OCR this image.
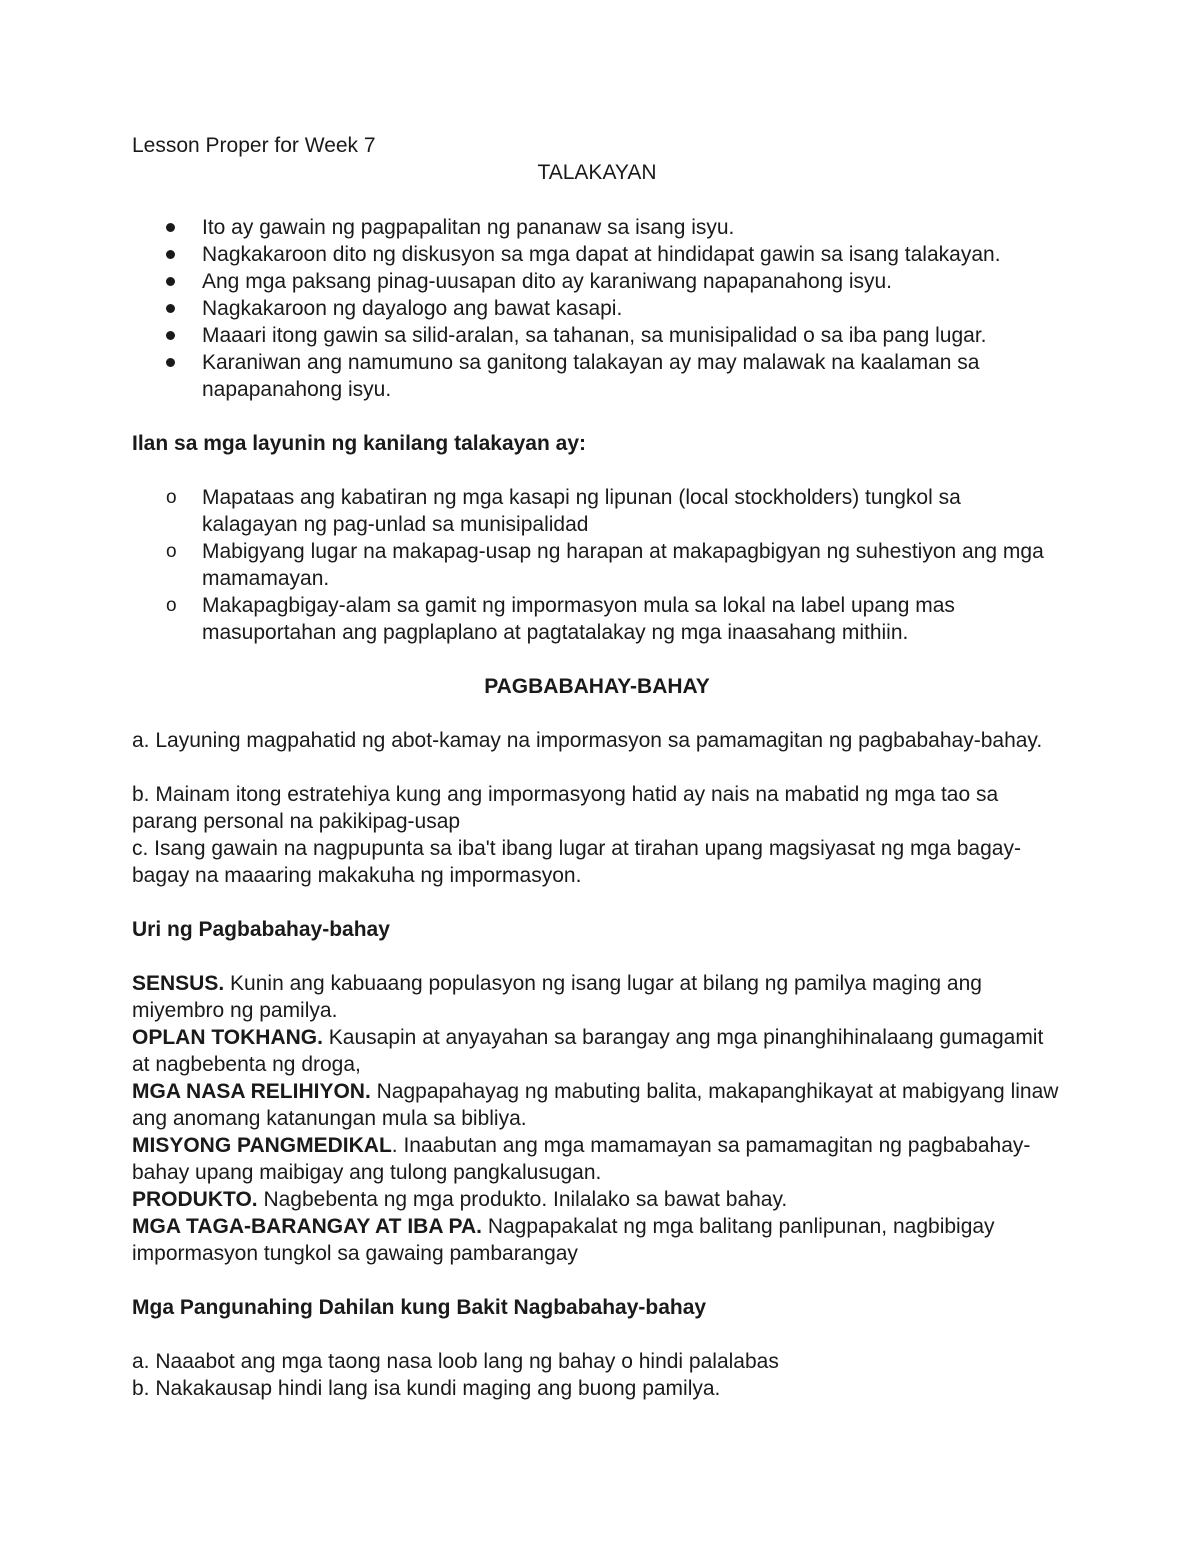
Lesson Proper for Week 7

TALAKAYAN

Ito ay gawain ng pagpapalitan ng pananaw sa isang isyu.
Nagkakaroon dito ng diskusyon sa mga dapat at hindidapat gawin sa isang talakayan.
Ang mga paksang pinag-uusapan dito ay karaniwang napapanahong isyu.
Nagkakaroon ng dayalogo ang bawat kasapi.
Maaari itong gawin sa silid-aralan, sa tahanan, sa munisipalidad o sa iba pang lugar.
Karaniwan ang namumuno sa ganitong talakayan ay may malawak na kaalaman sa napapanahong isyu.

Ilan sa mga layunin ng kanilang talakayan ay:

o Mapataas ang kabatiran ng mga kasapi ng lipunan (local stockholders) tungkol sa kalagayan ng pag-unlad sa munisipalidad
o Mabigyang lugar na makapag-usap ng harapan at makapagbigyan ng suhestiyon ang mga mamamayan.
o Makapagbigay-alam sa gamit ng impormasyon mula sa lokal na label upang mas masuportahan ang pagplaplano at pagtatalakay ng mga inaasahang mithiin.

PAGBABAHAY-BAHAY

a. Layuning magpahatid ng abot-kamay na impormasyon sa pamamagitan ng pagbabahay-bahay.

b. Mainam itong estratehiya kung ang impormasyong hatid ay nais na mabatid ng mga tao sa parang personal na pakikipag-usap

c. Isang gawain na nagpupunta sa iba't ibang lugar at tirahan upang magsiyasat ng mga bagay-bagay na maaaring makakuha ng impormasyon.

Uri ng Pagbabahay-bahay

SENSUS. Kunin ang kabuaang populasyon ng isang lugar at bilang ng pamilya maging ang miyembro ng pamilya.

OPLAN TOKHANG. Kausapin at anyayahan sa barangay ang mga pinanghihinalaang gumagamit at nagbebenta ng droga,

MGA NASA RELIHIYON. Nagpapahayag ng mabuting balita, makapanghikayat at mabigyang linaw ang anomang katanungan mula sa bibliya.

MISYONG PANGMEDIKAL. Inaabutan ang mga mamamayan sa pamamagitan ng pagbabahay- bahay upang maibigay ang tulong pangkalusugan.

PRODUKTO. Nagbebenta ng mga produkto. Inilalako sa bawat bahay.

MGA TAGA-BARANGAY AT IBA PA. Nagpapakalat ng mga balitang panlipunan, nagbibigay impormasyon tungkol sa gawaing pambarangay

Mga Pangunahing Dahilan kung Bakit Nagbabahay-bahay

a. Naaabot ang mga taong nasa loob lang ng bahay o hindi palalabas

b. Nakakausap hindi lang isa kundi maging ang buong pamilya.
